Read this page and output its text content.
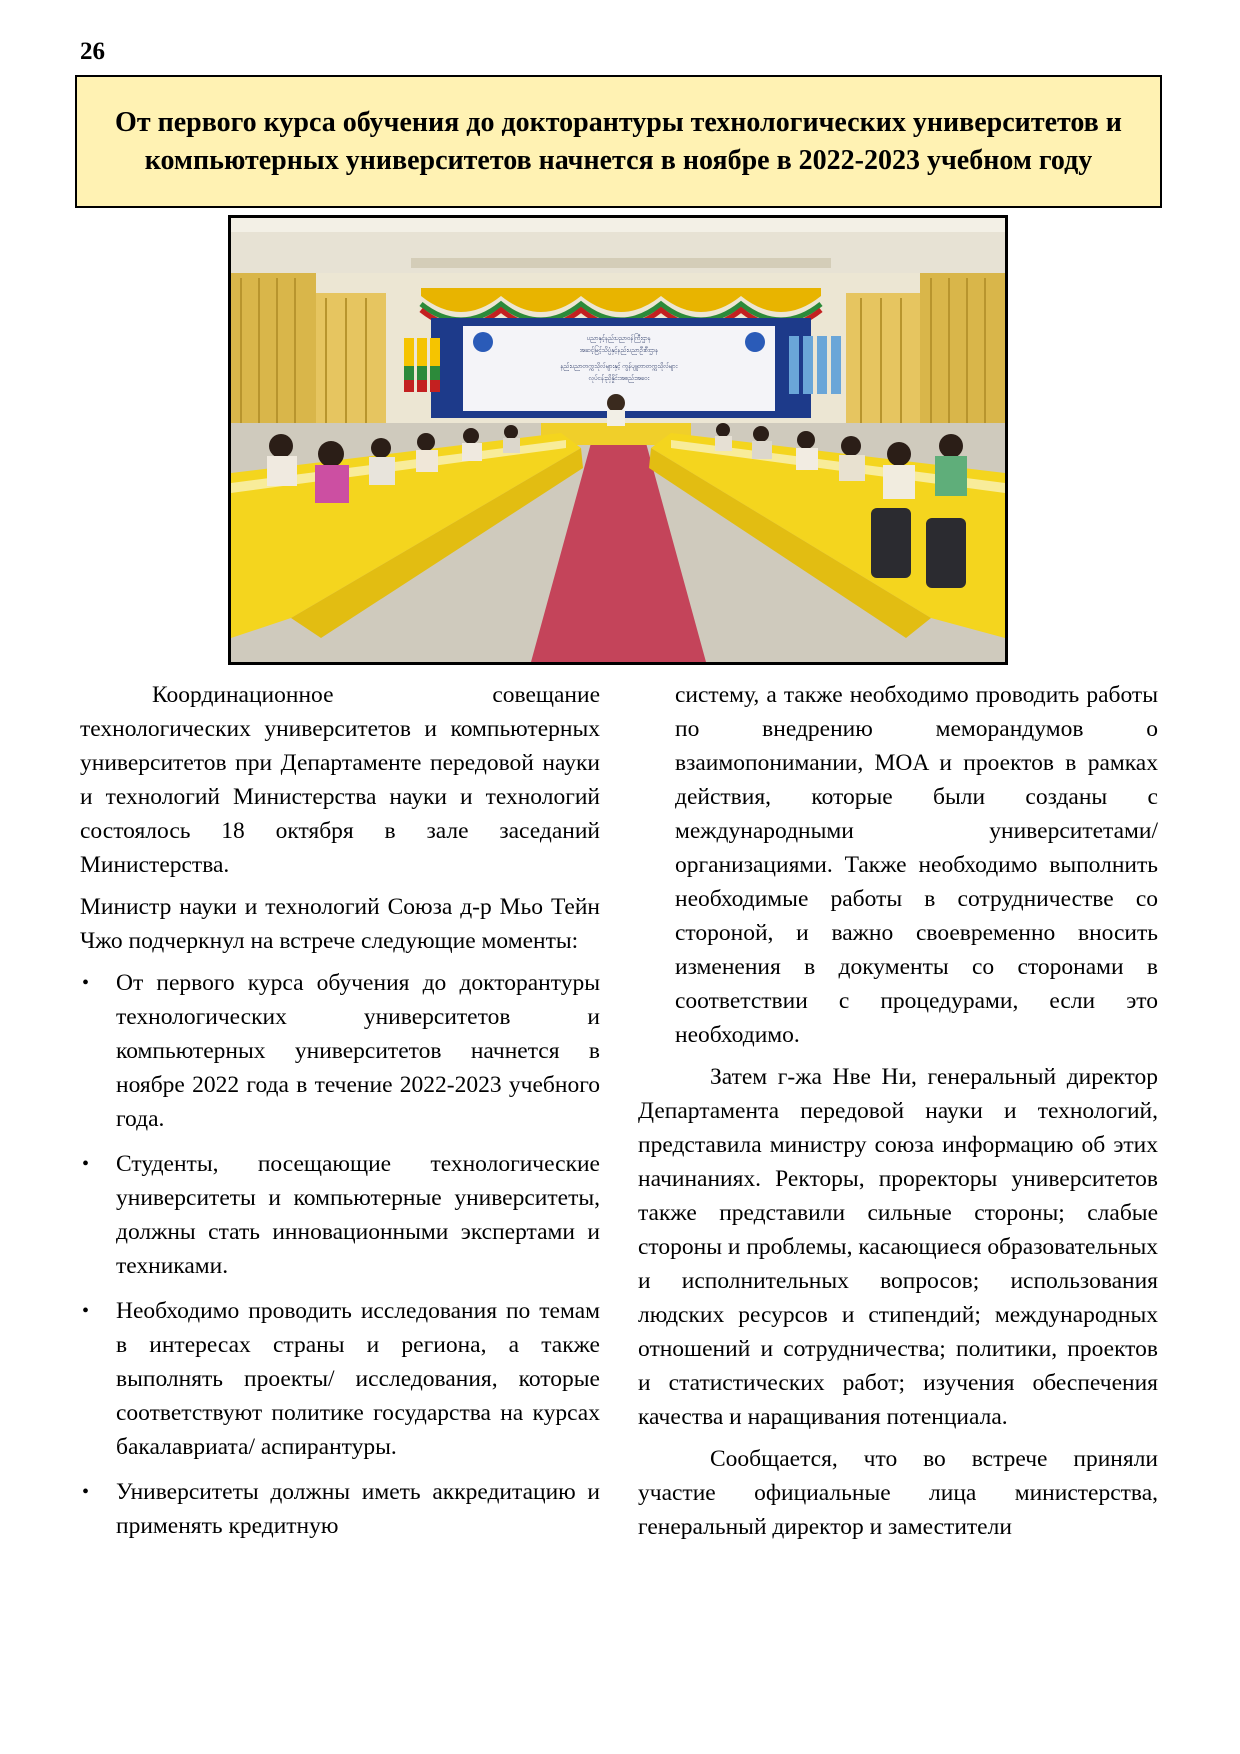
26
От первого курса обучения до докторантуры технологических университетов и компьютерных университетов начнется в ноябре в 2022-2023 учебном году
ပညာနှင့်နည်းပညာဝန်ကြီးဌာန
အဆင့်မြင့်သိပ္ပံနှင့်နည်းပညာဦးစီးဌာန
နည်းပညာတက္ကသိုလ်များနှင့် ကွန်ပျူတာတက္ကသိုလ်များ
လုပ်ငန်းညှိနှိုင်းအစည်းအဝေး

Координационное совещание технологических университетов и компьютерных университетов при Департаменте передовой науки и технологий Министерства науки и технологий состоялось 18 октября в зале заседаний Министерства.

Министр науки и технологий Союза д-р Мьо Тейн Чжо подчеркнул на встрече следующие моменты:

• От первого курса обучения до докторантуры технологических университетов и компьютерных университетов начнется в ноябре 2022 года в течение 2022-2023 учебного года.
• Студенты, посещающие технологические университеты и компьютерные университеты, должны стать инновационными экспертами и техниками.
• Необходимо проводить исследования по темам в интересах страны и региона, а также выполнять проекты/ исследования, которые соответствуют политике государства на курсах бакалавриата/ аспирантуры.
• Университеты должны иметь аккредитацию и применять кредитную

систему, а также необходимо проводить работы по внедрению меморандумов о взаимопонимании, MOA и проектов в рамках действия, которые были созданы с международными университетами/ организациями. Также необходимо выполнить необходимые работы в сотрудничестве со стороной, и важно своевременно вносить изменения в документы со сторонами в соответствии с процедурами, если это необходимо.

Затем г-жа Нве Ни, генеральный директор Департамента передовой науки и технологий, представила министру союза информацию об этих начинаниях. Ректоры, проректоры университетов также представили сильные стороны; слабые стороны и проблемы, касающиеся образовательных и исполнительных вопросов; использования людских ресурсов и стипендий; международных отношений и сотрудничества; политики, проектов и статистических работ; изучения обеспечения качества и наращивания потенциала.

Сообщается, что во встрече приняли участие официальные лица министерства, генеральный директор и заместители
